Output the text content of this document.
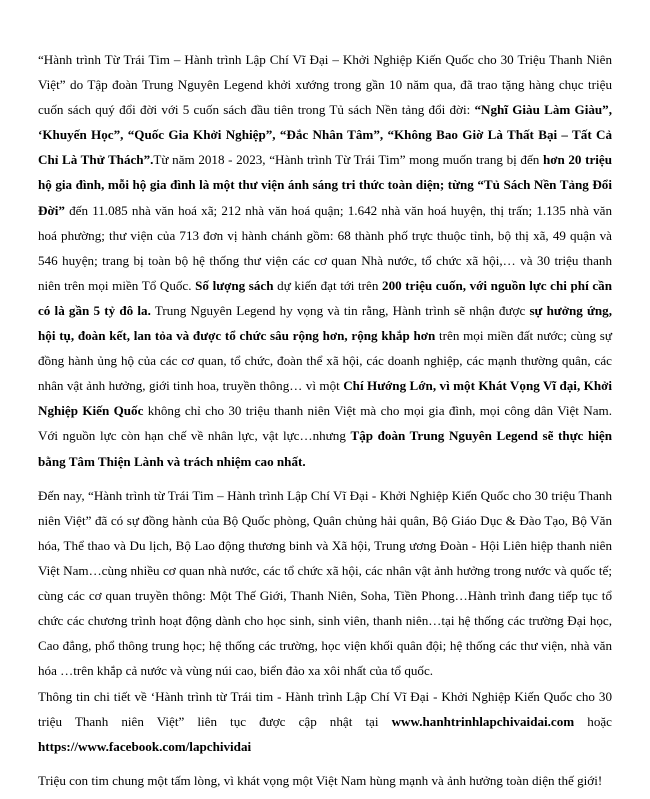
“Hành trình Từ Trái Tim – Hành trình Lập Chí Vĩ Đại – Khởi Nghiệp Kiến Quốc cho 30 Triệu Thanh Niên Việt” do Tập đoàn Trung Nguyên Legend khởi xướng trong gần 10 năm qua, đã trao tặng hàng chục triệu cuốn sách quý đổi đời với 5 cuốn sách đầu tiên trong Tủ sách Nền tảng đổi đời: “Nghĩ Giàu Làm Giàu”, ‘Khuyến Học”, “Quốc Gia Khởi Nghiệp”, “Đắc Nhân Tâm”, “Không Bao Giờ Là Thất Bại – Tất Cả Chỉ Là Thử Thách”.Từ năm 2018 - 2023, “Hành trình Từ Trái Tim” mong muốn trang bị đến hơn 20 triệu hộ gia đình, mỗi hộ gia đình là một thư viện ánh sáng tri thức toàn diện; từng “Tủ Sách Nền Tảng Đổi Đời” đến 11.085 nhà văn hoá xã; 212 nhà văn hoá quận; 1.642 nhà văn hoá huyện, thị trấn; 1.135 nhà văn hoá phường; thư viện của 713 đơn vị hành chánh gồm: 68 thành phố trực thuộc tỉnh, bộ thị xã, 49 quận và 546 huyện; trang bị toàn bộ hệ thống thư viện các cơ quan Nhà nước, tổ chức xã hội,… và 30 triệu thanh niên trên mọi miền Tổ Quốc. Số lượng sách dự kiến đạt tới trên 200 triệu cuốn, với nguồn lực chi phí cần có là gần 5 tỷ đô la. Trung Nguyên Legend hy vọng và tin rằng, Hành trình sẽ nhận được sự hưởng ứng, hội tụ, đoàn kết, lan tỏa và được tổ chức sâu rộng hơn, rộng khắp hơn trên mọi miền đất nước; cùng sự đồng hành ủng hộ của các cơ quan, tổ chức, đoàn thể xã hội, các doanh nghiệp, các mạnh thường quân, các nhân vật ảnh hưởng, giới tinh hoa, truyền thông… vì một Chí Hướng Lớn, vì một Khát Vọng Vĩ đại, Khởi Nghiệp Kiến Quốc không chỉ cho 30 triệu thanh niên Việt mà cho mọi gia đình, mọi công dân Việt Nam. Với nguồn lực còn hạn chế về nhân lực, vật lực…nhưng Tập đoàn Trung Nguyên Legend sẽ thực hiện bằng Tâm Thiện Lành và trách nhiệm cao nhất.

Đến nay, “Hành trình từ Trái Tim – Hành trình Lập Chí Vĩ Đại - Khởi Nghiệp Kiến Quốc cho 30 triệu Thanh niên Việt” đã có sự đồng hành của Bộ Quốc phòng, Quân chủng hải quân, Bộ Giáo Dục & Đào Tạo, Bộ Văn hóa, Thể thao và Du lịch, Bộ Lao động thương binh và Xã hội, Trung ương Đoàn - Hội Liên hiệp thanh niên Việt Nam…cùng nhiều cơ quan nhà nước, các tổ chức xã hội, các nhân vật ảnh hưởng trong nước và quốc tế; cùng các cơ quan truyền thông: Một Thế Giới, Thanh Niên, Soha, Tiền Phong…Hành trình đang tiếp tục tổ chức các chương trình hoạt động dành cho học sinh, sinh viên, thanh niên…tại hệ thống các trường Đại học, Cao đẳng, phổ thông trung học; hệ thống các trường, học viện khối quân đội; hệ thống các thư viện, nhà văn hóa …trên khắp cả nước và vùng núi cao, biển đảo xa xôi nhất của tổ quốc.

Thông tin chi tiết về ‘Hành trình từ Trái tim - Hành trình Lập Chí Vĩ Đại - Khởi Nghiệp Kiến Quốc cho 30 triệu Thanh niên Việt” liên tục được cập nhật tại www.hanhtrinhlapchivaidai.com hoặc https://www.facebook.com/lapchividai

Triệu con tim chung một tấm lòng, vì khát vọng một Việt Nam hùng mạnh và ảnh hưởng toàn diện thế giới!
